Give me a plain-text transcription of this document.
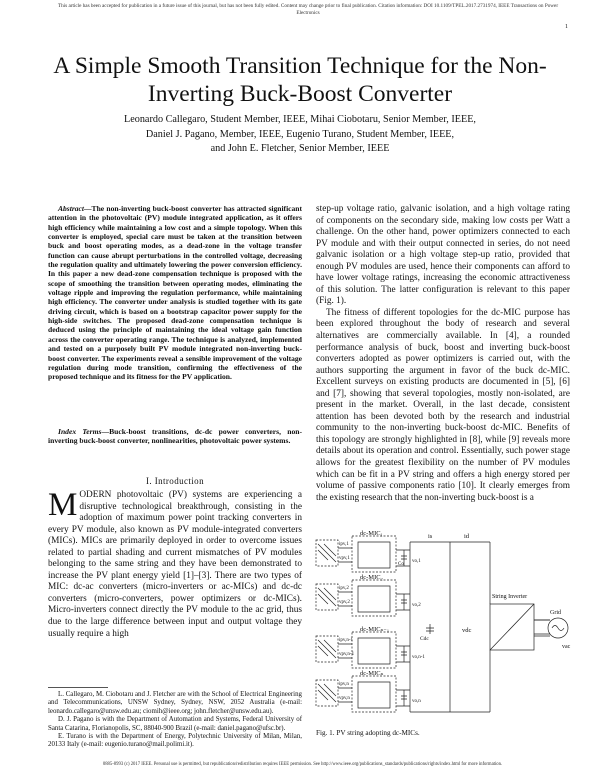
This article has been accepted for publication in a future issue of this journal, but has not been fully edited. Content may change prior to final publication. Citation information: DOI 10.1109/TPEL.2017.2731974, IEEE Transactions on Power Electronics
1
A Simple Smooth Transition Technique for the Non-Inverting Buck-Boost Converter
Leonardo Callegaro, Student Member, IEEE, Mihai Ciobotaru, Senior Member, IEEE,
Daniel J. Pagano, Member, IEEE, Eugenio Turano, Student Member, IEEE,
and John E. Fletcher, Senior Member, IEEE
Abstract—The non-inverting buck-boost converter has attracted significant attention in the photovoltaic (PV) module integrated application, as it offers high efficiency while maintaining a low cost and a simple topology. When this converter is employed, special care must be taken at the transition between buck and boost operating modes, as a dead-zone in the voltage transfer function can cause abrupt perturbations in the controlled voltage, decreasing the regulation quality and ultimately lowering the power conversion efficiency. In this paper a new dead-zone compensation technique is proposed with the scope of smoothing the transition between operating modes, eliminating the voltage ripple and improving the regulation performance, while maintaining high efficiency. The converter under analysis is studied together with its gate driving circuit, which is based on a bootstrap capacitor power supply for the high-side switches. The proposed dead-zone compensation technique is deduced using the principle of maintaining the ideal voltage gain function across the converter operating range. The technique is analyzed, implemented and tested on a purposely built PV module integrated non-inverting buck-boost converter. The experiments reveal a sensible improvement of the voltage regulation during mode transition, confirming the effectiveness of the proposed technique and its fitness for the PV application.
Index Terms—Buck-boost transitions, dc-dc power converters, non-inverting buck-boost converter, nonlinearities, photovoltaic power systems.
I. Introduction
MODERN photovoltaic (PV) systems are experiencing a disruptive technological breakthrough, consisting in the adoption of maximum power point tracking converters in every PV module, also known as PV module-integrated converters (MICs). MICs are primarily deployed in order to overcome issues related to partial shading and current mismatches of PV modules belonging to the same string and they have been demonstrated to increase the PV plant energy yield [1]–[3]. There are two types of MIC: dc-ac converters (micro-inverters or ac-MICs) and dc-dc converters (micro-converters, power optimizers or dc-MICs). Micro-inverters connect directly the PV module to the ac grid, thus due to the large difference between input and output voltage they usually require a high

L. Callegaro, M. Ciobotaru and J. Fletcher are with the School of Electrical Engineering and Telecommunications, UNSW Sydney, Sydney, NSW, 2052 Australia (e-mail: leonardo.callegaro@unsw.edu.au; ciomih@ieee.org; john.fletcher@unsw.edu.au).

D. J. Pagano is with the Department of Automation and Systems, Federal University of Santa Catarina, Florianopolis, SC, 88040-900 Brazil (e-mail: daniel.pagano@ufsc.br).

E. Turano is with the Department of Energy, Polytechnic University of Milan, Milan, 20133 Italy (e-mail: eugenio.turano@mail.polimi.it).

step-up voltage ratio, galvanic isolation, and a high voltage rating of components on the secondary side, making low costs per Watt a challenge. On the other hand, power optimizers connected to each PV module and with their output connected in series, do not need galvanic isolation or a high voltage step-up ratio, provided that enough PV modules are used, hence their components can afford to have lower voltage ratings, increasing the economic attractiveness of this solution. The latter configuration is relevant to this paper (Fig. 1).

The fitness of different topologies for the dc-MIC purpose has been explored throughout the body of research and several alternatives are commercially available. In [4], a rounded performance analysis of buck, boost and inverting buck-boost converters adopted as power optimizers is carried out, with the authors supporting the argument in favor of the buck dc-MIC. Excellent surveys on existing products are documented in [5], [6] and [7], showing that several topologies, mostly non-isolated, are present in the market. Overall, in the last decade, consistent attention has been devoted both by the research and industrial community to the non-inverting buck-boost dc-MIC. Benefits of this topology are strongly highlighted in [8], while [9] reveals more details about its operation and control. Essentially, such power stage allows for the greatest flexibility on the number of PV modules which can be fit in a PV string and offers a high energy stored per volume of passive components ratio [10]. It clearly emerges from the existing research that the non-inverting buck-boost is a

dc-MIC₁
dc-MIC₂
dc-MICₙ₋₁
dc-MICₙ
ipv,1
ipv,2
ipv,n-1
ipv,n
vpv,1
vpv,2
vpv,n-1
vpv,n
vo,1
vo,2
vo,n-1
vo,n
Co
Cdc
is	id
vdc
String Inverter
Grid
vac
Fig. 1. PV string adopting dc-MICs.
0885-8993 (c) 2017 IEEE. Personal use is permitted, but republication/redistribution requires IEEE permission. See http://www.ieee.org/publications_standards/publications/rights/index.html for more information.
